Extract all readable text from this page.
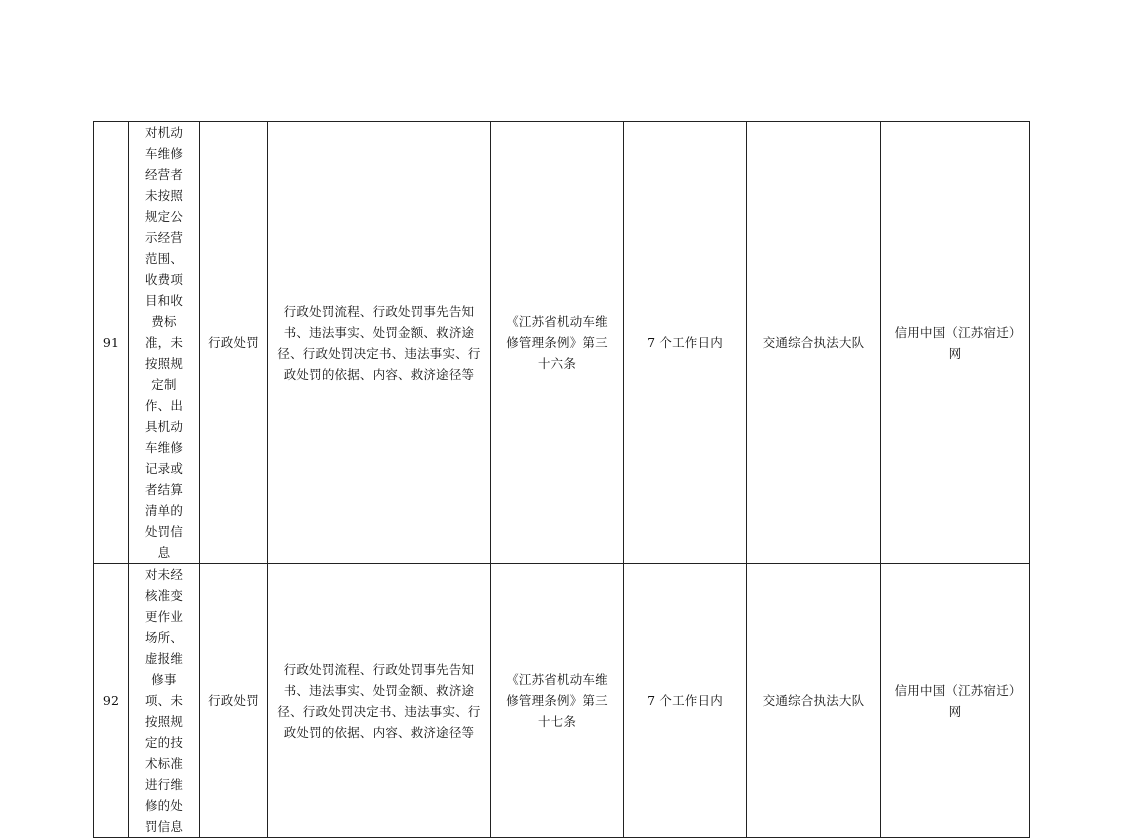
91	对机动车维修经营者未按照规定公示经营范围、收费项目和收费标准，未按照规定制作、出具机动车维修记录或者结算清单的处罚信息	行政处罚	行政处罚流程、行政处罚事先告知书、违法事实、处罚金额、救济途径、行政处罚决定书、违法事实、行政处罚的依据、内容、救济途径等	《江苏省机动车维修管理条例》第三十六条	7 个工作日内	交通综合执法大队	信用中国（江苏宿迁）网

92	对未经核准变更作业场所、虚报维修事项、未按照规定的技术标准进行维修的处罚信息	行政处罚	行政处罚流程、行政处罚事先告知书、违法事实、处罚金额、救济途径、行政处罚决定书、违法事实、行政处罚的依据、内容、救济途径等	《江苏省机动车维修管理条例》第三十七条	7 个工作日内	交通综合执法大队	信用中国（江苏宿迁）网
